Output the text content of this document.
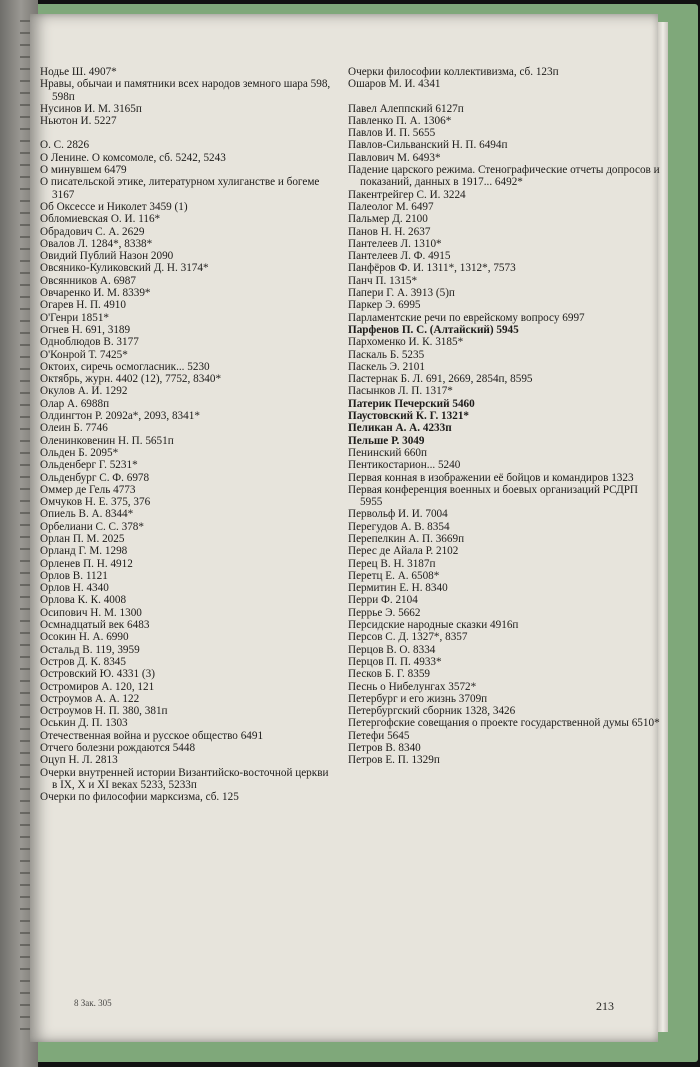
Нодье Ш. 4907*
Нравы, обычаи и памятники всех народов земного шара 598, 598п
Нусинов И. М. 3165п
Ньютон И. 5227
О. С. 2826
О Ленине. О комсомоле, сб. 5242, 5243
О минувшем 6479
О писательской этике, литературном хулиганстве и богеме 3167
Об Оксессе и Николет 3459 (1)
Обломиевская О. И. 116*
Обрадович С. А. 2629
Овалов Л. 1284*, 8338*
Овидий Публий Назон 2090
Овсянико-Куликовский Д. Н. 3174*
Овсянников А. 6987
Овчаренко И. М. 8339*
Огарев Н. П. 4910
О'Генри 1851*
Огнев Н. 691, 3189
Одноблюдов В. 3177
О'Конрой Т. 7425*
Октоих, сиречь осмогласник... 5230
Октябрь, журн. 4402 (12), 7752, 8340*
Окулов А. И. 1292
Олар А. 6988п
Олдингтон Р. 2092а*, 2093, 8341*
Олеин Б. 7746
Оленинковенин Н. П. 5651п
Ольден Б. 2095*
Ольденберг Г. 5231*
Ольденбург С. Ф. 6978
Оммер де Гель 4773
Омчуков Н. Е. 375, 376
Опиель В. А. 8344*
Орбелиани С. С. 378*
Орлан П. М. 2025
Орланд Г. М. 1298
Орленев П. Н. 4912
Орлов В. 1121
Орлов Н. 4340
Орлова К. К. 4008
Осипович Н. М. 1300
Осмнадцатый век 6483
Осокин Н. А. 6990
Остальд В. 119, 3959
Остров Д. К. 8345
Островский Ю. 4331 (3)
Остромиров А. 120, 121
Остроумов А. А. 122
Остроумов Н. П. 380, 381п
Оськин Д. П. 1303
Отечественная война и русское общество 6491
Отчего болезни рождаются 5448
Оцуп Н. Л. 2813
Очерки внутренней истории Византийско-восточной церкви в IX, X и XI веках 5233, 5233п
Очерки по философии марксизма, сб. 125
Очерки философии коллективизма, сб. 123п
Ошаров М. И. 4341
Павел Алеппский 6127п
Павленко П. А. 1306*
Павлов И. П. 5655
Павлов-Сильванский Н. П. 6494п
Павлович М. 6493*
Падение царского режима. Стенографические отчеты допросов и показаний, данных в 1917... 6492*
Пакентрейгер С. И. 3224
Палеолог М. 6497
Пальмер Д. 2100
Панов Н. Н. 2637
Пантелеев Л. 1310*
Пантелеев Л. Ф. 4915
Панфёров Ф. И. 1311*, 1312*, 7573
Панч П. 1315*
Папери Г. А. 3913 (5)п
Паркер Э. 6995
Парламентские речи по еврейскому вопросу 6997
Парфенов П. С. (Алтайский) 5945
Пархоменко И. К. 3185*
Паскаль Б. 5235
Паскель Э. 2101
Пастернак Б. Л. 691, 2669, 2854п, 8595
Пасынков Л. П. 1317*
Патерик Печерский 5460
Паустовский К. Г. 1321*
Пеликан А. А. 4233п
Пельше Р. 3049
Пенинский 660п
Пентикостарион... 5240
Первая конная в изображении её бойцов и командиров 1323
Первая конференция военных и боевых организаций РСДРП 5955
Первольф И. И. 7004
Перегудов А. В. 8354
Перепелкин А. П. 3669п
Перес де Айала Р. 2102
Перец В. Н. 3187п
Перетц Е. А. 6508*
Пермитин Е. Н. 8340
Перри Ф. 2104
Перрье Э. 5662
Персидские народные сказки 4916п
Персов С. Д. 1327*, 8357
Перцов В. О. 8334
Перцов П. П. 4933*
Песков Б. Г. 8359
Песнь о Нибелунгах 3572*
Петербург и его жизнь 3709п
Петербургский сборник 1328, 3426
Петергофские совещания о проекте государственной думы 6510*
Петефи 5645
Петров В. 8340
Петров Е. П. 1329п
8 Зак. 305	213
